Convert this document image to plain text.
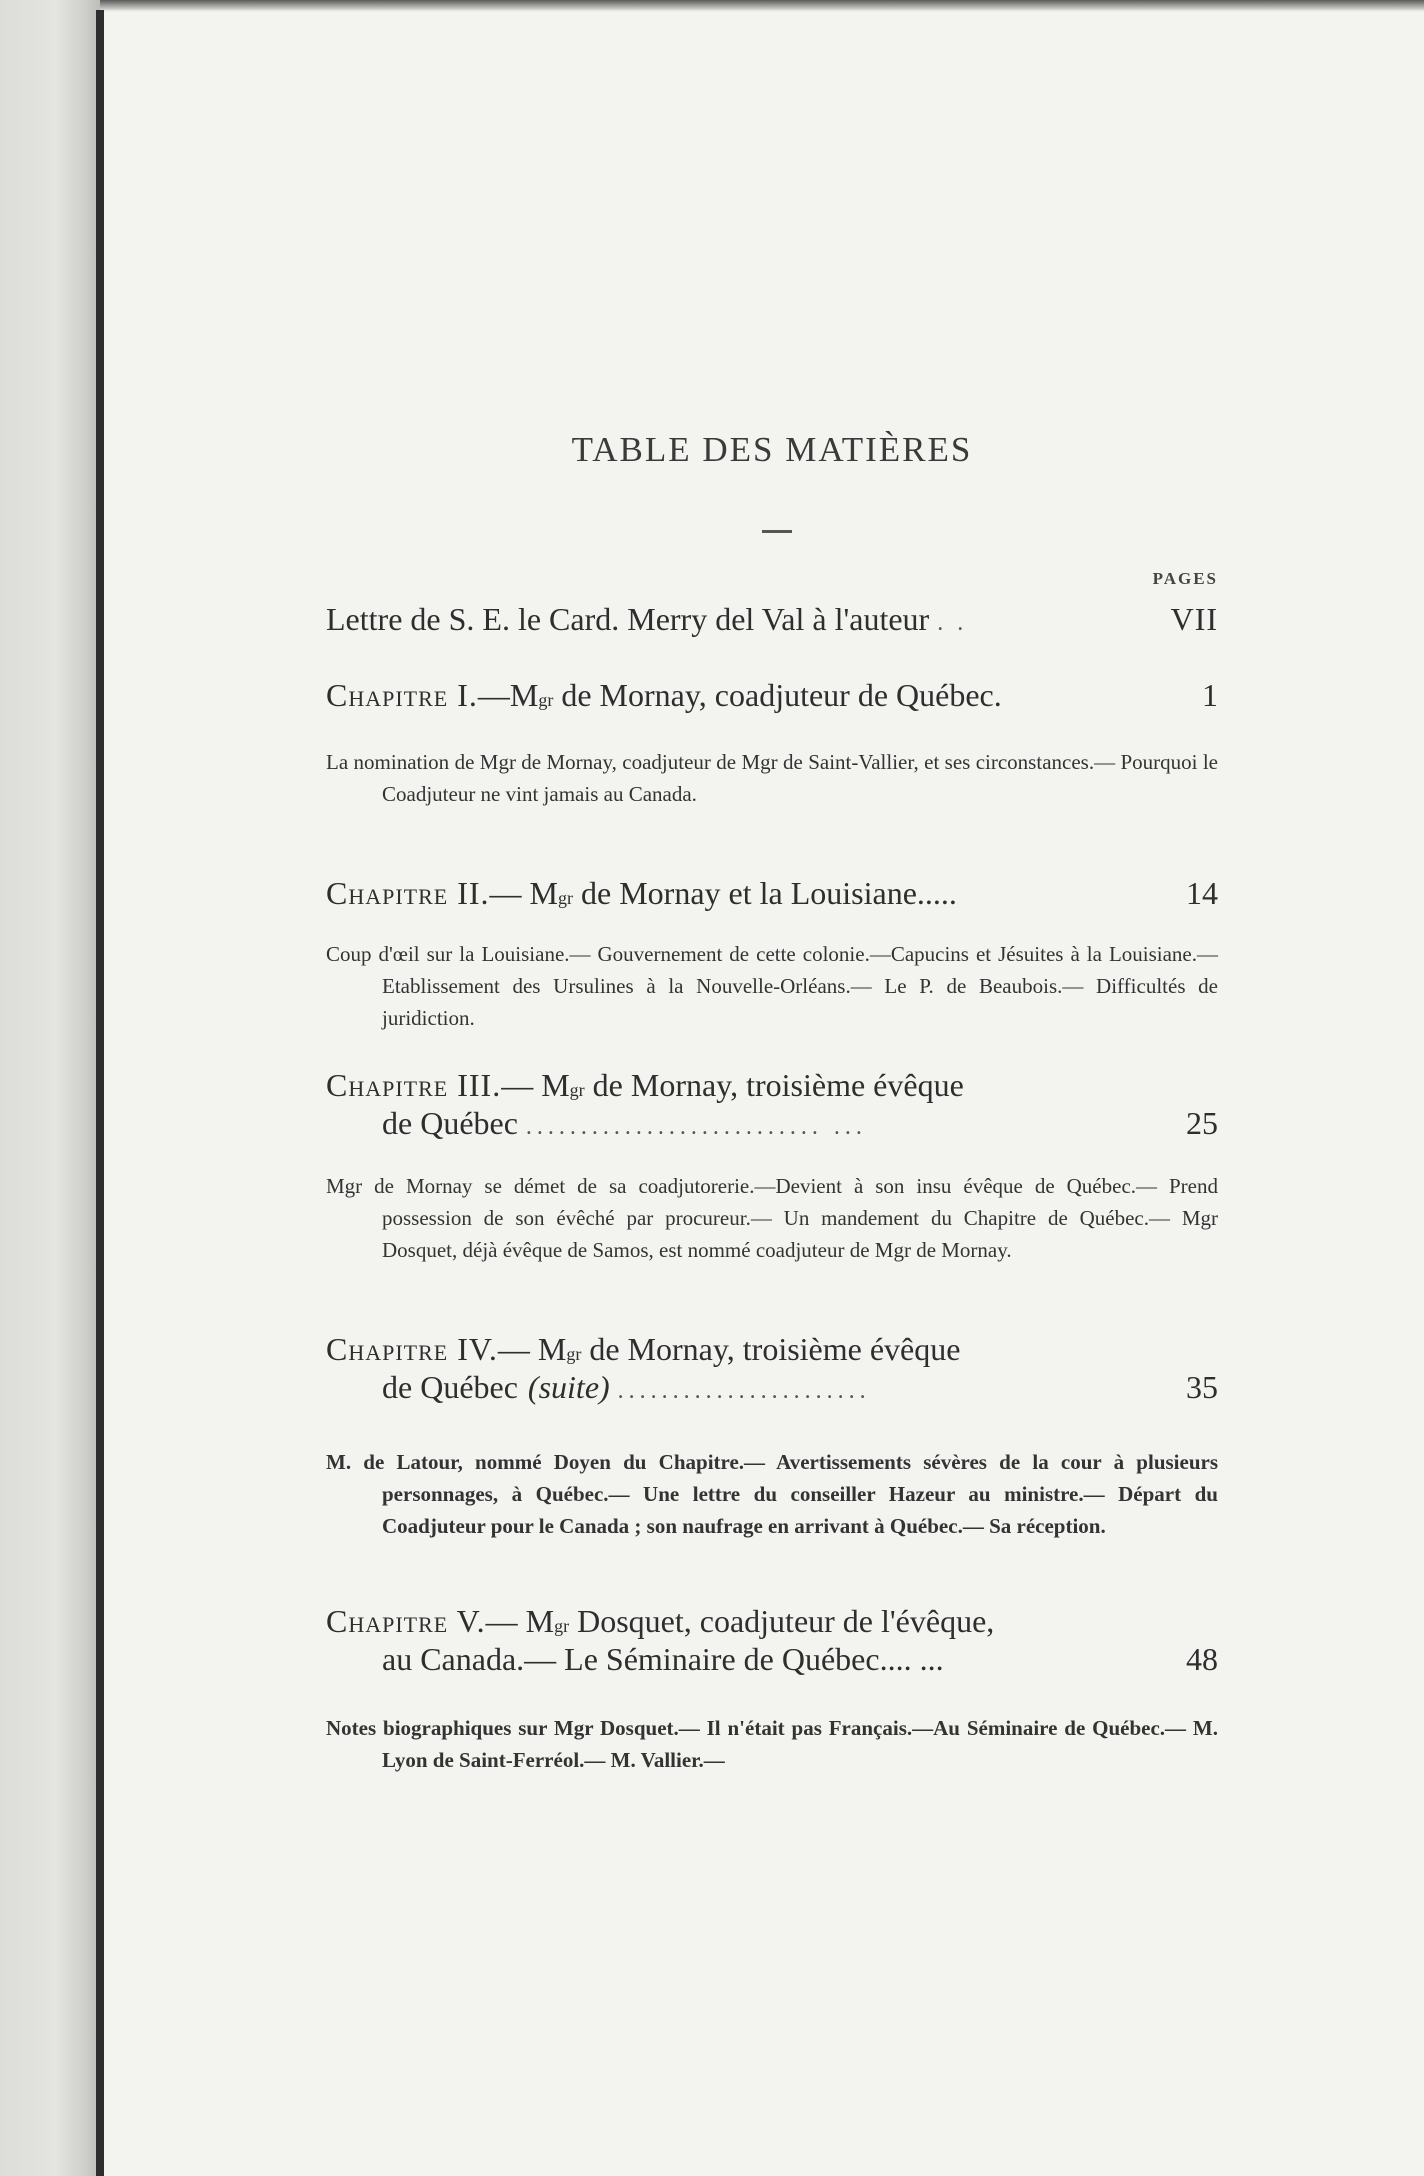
TABLE DES MATIÈRES
PAGES
Lettre de S. E. le Card. Merry del Val à l'auteur . .	VII
Chapitre I. — M gr de Mornay, coadjuteur de Québec.	1
La nomination de Mgr de Mornay, coadjuteur de Mgr de Saint-Vallier, et ses circonstances.— Pourquoi le Coadjuteur ne vint jamais au Canada.
Chapitre II. — M gr de Mornay et la Louisiane.....	14
Coup d'œil sur la Louisiane.— Gouvernement de cette colonie.—Capucins et Jésuites à la Louisiane.— Etablissement des Ursulines à la Nouvelle-Orléans.— Le P. de Beaubois.— Difficultés de juridiction.
Chapitre III. — M gr de Mornay, troisième évêque
de Québec ........................... ...	25
Mgr de Mornay se démet de sa coadjutorerie.—Devient à son insu évêque de Québec.— Prend possession de son évêché par procureur.— Un mandement du Chapitre de Québec.— Mgr Dosquet, déjà évêque de Samos, est nommé coadjuteur de Mgr de Mornay.
Chapitre IV. — M gr de Mornay, troisième évêque
de Québec (suite) .......................	35
M. de Latour, nommé Doyen du Chapitre.— Avertissements sévères de la cour à plusieurs personnages, à Québec.— Une lettre du conseiller Hazeur au ministre.— Départ du Coadjuteur pour le Canada ; son naufrage en arrivant à Québec.— Sa réception.
Chapitre V. — M gr Dosquet, coadjuteur de l'évêque,
au Canada.— Le Séminaire de Québec.... ...	48
Notes biographiques sur Mgr Dosquet.— Il n'était pas Français.—Au Séminaire de Québec.— M. Lyon de Saint-Ferréol.— M. Vallier.—
